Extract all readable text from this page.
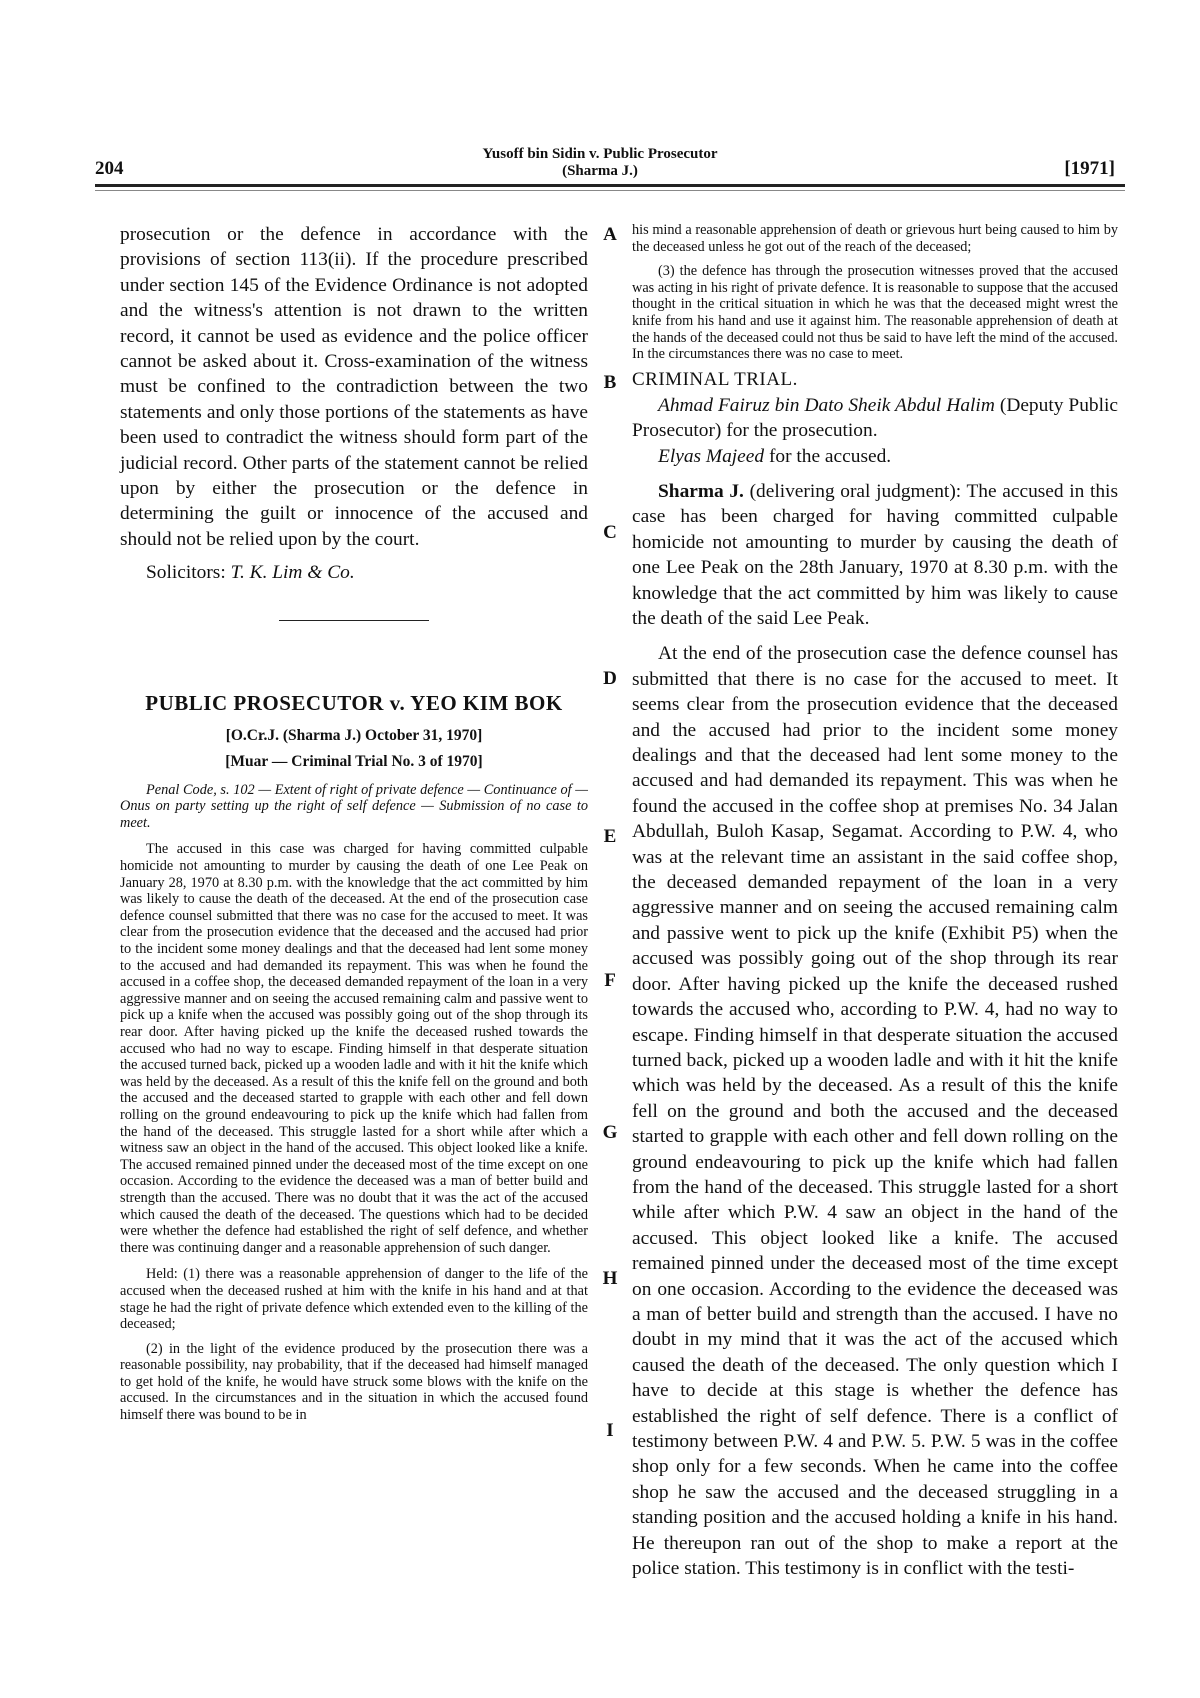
204
Yusoff bin Sidin v. Public Prosecutor
(Sharma J.)	[1971]

prosecution or the defence in accordance with the provisions of section 113(ii). If the procedure prescribed under section 145 of the Evidence Ordinance is not adopted and the witness's attention is not drawn to the written record, it cannot be used as evidence and the police officer cannot be asked about it. Cross-examination of the witness must be confined to the contradiction between the two statements and only those portions of the statements as have been used to contradict the witness should form part of the judicial record. Other parts of the statement cannot be relied upon by either the prosecution or the defence in determining the guilt or innocence of the accused and should not be relied upon by the court.

Solicitors: T. K. Lim & Co.

PUBLIC PROSECUTOR v. YEO KIM BOK
[O.Cr.J. (Sharma J.) October 31, 1970]
[Muar — Criminal Trial No. 3 of 1970]

Penal Code, s. 102 — Extent of right of private defence — Continuance of — Onus on party setting up the right of self defence — Submission of no case to meet.

The accused in this case was charged for having committed culpable homicide not amounting to murder by causing the death of one Lee Peak on January 28, 1970 at 8.30 p.m. with the knowledge that the act committed by him was likely to cause the death of the deceased. At the end of the prosecution case defence counsel submitted that there was no case for the accused to meet. It was clear from the prosecution evidence that the deceased and the accused had prior to the incident some money dealings and that the deceased had lent some money to the accused and had demanded its repayment. This was when he found the accused in a coffee shop, the deceased demanded repayment of the loan in a very aggressive manner and on seeing the accused remaining calm and passive went to pick up a knife when the accused was possibly going out of the shop through its rear door. After having picked up the knife the deceased rushed towards the accused who had no way to escape. Finding himself in that desperate situation the accused turned back, picked up a wooden ladle and with it hit the knife which was held by the deceased. As a result of this the knife fell on the ground and both the accused and the deceased started to grapple with each other and fell down rolling on the ground endeavouring to pick up the knife which had fallen from the hand of the deceased. This struggle lasted for a short while after which a witness saw an object in the hand of the accused. This object looked like a knife. The accused remained pinned under the deceased most of the time except on one occasion. According to the evidence the deceased was a man of better build and strength than the accused. There was no doubt that it was the act of the accused which caused the death of the deceased. The questions which had to be decided were whether the defence had established the right of self defence, and whether there was continuing danger and a reasonable apprehension of such danger.

Held: (1) there was a reasonable apprehension of danger to the life of the accused when the deceased rushed at him with the knife in his hand and at that stage he had the right of private defence which extended even to the killing of the deceased;

(2) in the light of the evidence produced by the prosecution there was a reasonable possibility, nay probability, that if the deceased had himself managed to get hold of the knife, he would have struck some blows with the knife on the accused. In the circumstances and in the situation in which the accused found himself there was bound to be in

A
B
C
D
E
F
G
H
I

his mind a reasonable apprehension of death or grievous hurt being caused to him by the deceased unless he got out of the reach of the deceased;

(3) the defence has through the prosecution witnesses proved that the accused was acting in his right of private defence. It is reasonable to suppose that the accused thought in the critical situation in which he was that the deceased might wrest the knife from his hand and use it against him. The reasonable apprehension of death at the hands of the deceased could not thus be said to have left the mind of the accused. In the circumstances there was no case to meet.

CRIMINAL TRIAL.

Ahmad Fairuz bin Dato Sheik Abdul Halim (Deputy Public Prosecutor) for the prosecution.

Elyas Majeed for the accused.

Sharma J. (delivering oral judgment): The accused in this case has been charged for having committed culpable homicide not amounting to murder by causing the death of one Lee Peak on the 28th January, 1970 at 8.30 p.m. with the knowledge that the act committed by him was likely to cause the death of the said Lee Peak.

At the end of the prosecution case the defence counsel has submitted that there is no case for the accused to meet. It seems clear from the prosecution evidence that the deceased and the accused had prior to the incident some money dealings and that the deceased had lent some money to the accused and had demanded its repayment. This was when he found the accused in the coffee shop at premises No. 34 Jalan Abdullah, Buloh Kasap, Segamat. According to P.W. 4, who was at the relevant time an assistant in the said coffee shop, the deceased demanded repayment of the loan in a very aggressive manner and on seeing the accused remaining calm and passive went to pick up the knife (Exhibit P5) when the accused was possibly going out of the shop through its rear door. After having picked up the knife the deceased rushed towards the accused who, according to P.W. 4, had no way to escape. Finding himself in that desperate situation the accused turned back, picked up a wooden ladle and with it hit the knife which was held by the deceased. As a result of this the knife fell on the ground and both the accused and the deceased started to grapple with each other and fell down rolling on the ground endeavouring to pick up the knife which had fallen from the hand of the deceased. This struggle lasted for a short while after which P.W. 4 saw an object in the hand of the accused. This object looked like a knife. The accused remained pinned under the deceased most of the time except on one occasion. According to the evidence the deceased was a man of better build and strength than the accused. I have no doubt in my mind that it was the act of the accused which caused the death of the deceased. The only question which I have to decide at this stage is whether the defence has established the right of self defence. There is a conflict of testimony between P.W. 4 and P.W. 5. P.W. 5 was in the coffee shop only for a few seconds. When he came into the coffee shop he saw the accused and the deceased struggling in a standing position and the accused holding a knife in his hand. He thereupon ran out of the shop to make a report at the police station. This testimony is in conflict with the testi-
